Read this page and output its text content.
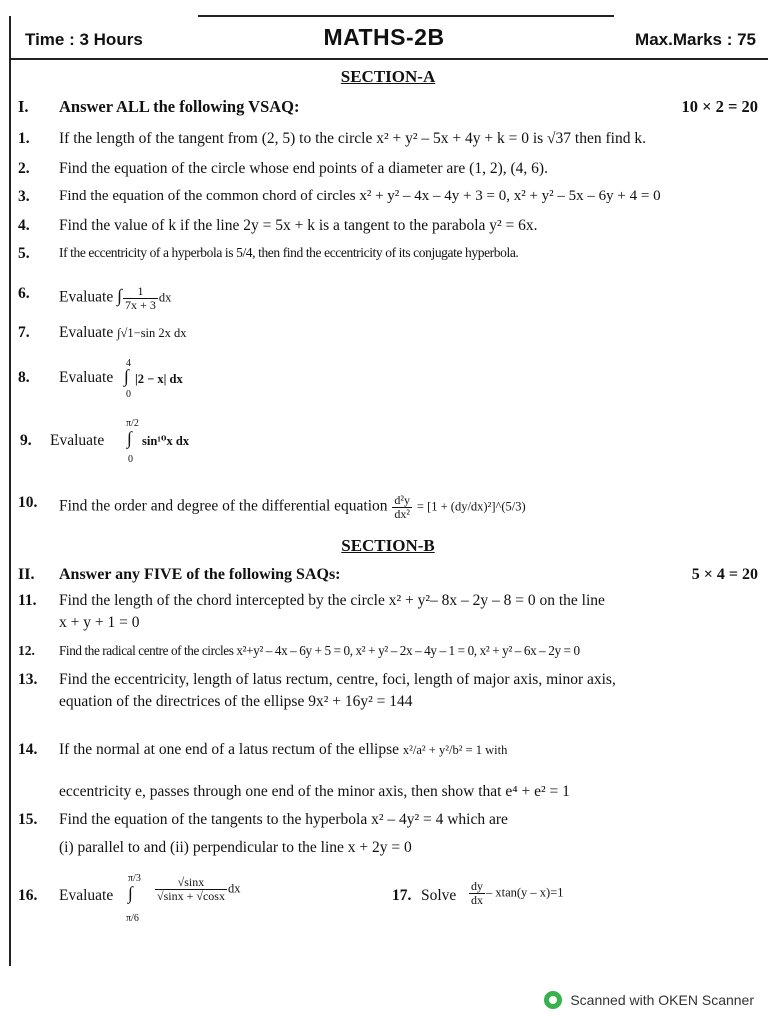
Time : 3 Hours	MATHS-2B	Max.Marks : 75
SECTION-A
I. Answer ALL the following VSAQ:	10 × 2 = 20
1. If the length of the tangent from (2, 5) to the circle x² + y² – 5x + 4y + k = 0 is √37 then find k.
2. Find the equation of the circle whose end points of a diameter are (1, 2), (4, 6).
3. Find the equation of the common chord of circles x² + y² – 4x – 4y + 3 = 0, x² + y² – 5x – 6y + 4 = 0
4. Find the value of k if the line 2y = 5x + k is a tangent to the parabola y² = 6x.
5. If the eccentricity of a hyperbola is 5/4, then find the eccentricity of its conjugate hyperbola.
6. Evaluate ∫ $\frac{1}{7x + 3}$ dx
7. Evaluate ∫√1−sin 2x dx
8. Evaluate
4
∫
0
|2 − x| dx
9. Evaluate
π/2
∫
0
sin¹⁰x dx
10. Find the order and degree of the differential equation $\frac{\text{d²y}}{\text{dx²}} = [1$ + (dy/dx)²]^(5/3)
SECTION-B
II. Answer any FIVE of the following SAQs:	5 × 4 = 20
11. Find the length of the chord intercepted by the circle x² + y²– 8x – 2y – 8 = 0 on the line
x + y + 1 = 0
12. Find the radical centre of the circles x²+y² – 4x – 6y + 5 = 0, x² + y² – 2x – 4y – 1 = 0, x² + y² – 6x – 2y = 0
13. Find the eccentricity, length of latus rectum, centre, foci, length of major axis, minor axis,
equation of the directrices of the ellipse 9x² + 16y² = 144
14. If the normal at one end of a latus rectum of the ellipse x²/a² + y²/b² = 1 with
eccentricity e, passes through one end of the minor axis, then show that e⁴ + e² = 1
15. Find the equation of the tangents to the hyperbola x² – 4y² = 4 which are
(i) parallel to and (ii) perpendicular to the line x + 2y = 0
16. Evaluate
π/3
∫
π/6
$\frac{√\sin x}{√\sin x + √\cos x}$ dx	17. Solve $\frac{dy}{dx} - xtan(y - x)=1$
Scanned with OKEN Scanner
